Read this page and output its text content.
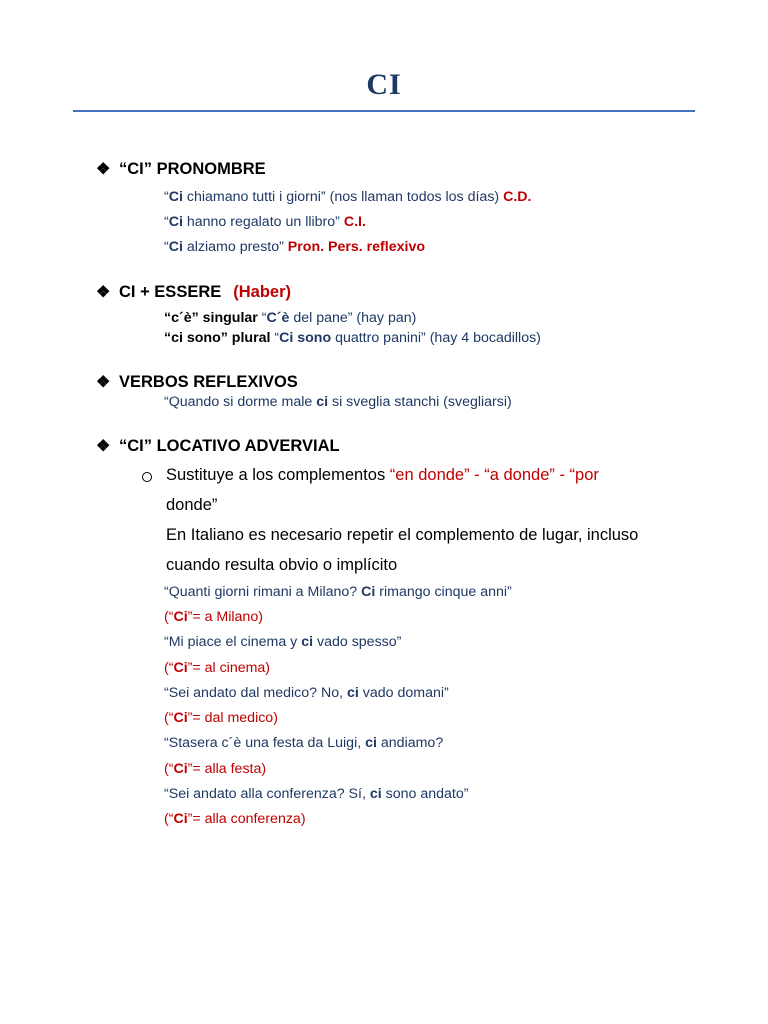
CI
❖ “CI” PRONOMBRE
“Ci chiamano tutti i giorni” (nos llaman todos los días) C.D.
“Ci hanno regalato un llibro” C.I.
“Ci alziamo presto” Pron. Pers. reflexivo
❖ CI + ESSERE (Haber)
“c´è” singular “C´è del pane” (hay pan)
“ci sono” plural “Ci sono quattro panini” (hay 4 bocadillos)
❖ VERBOS REFLEXIVOS
“Quando si dorme male ci si sveglia stanchi (svegliarsi)
❖ “CI” LOCATIVO ADVERVIAL
Sustituye a los complementos “en donde” - “a donde” - “por
donde”
En Italiano es necesario repetir el complemento de lugar, incluso
cuando resulta obvio o implícito
“Quanti giorni rimani a Milano? Ci rimango cinque anni”
(“Ci”= a Milano)
“Mi piace el cinema y ci vado spesso”
(“Ci”= al cinema)
“Sei andato dal medico? No, ci vado domani”
(“Ci”= dal medico)
“Stasera c´è una festa da Luigi, ci andiamo?
(“Ci”= alla festa)
“Sei andato alla conferenza? Sí, ci sono andato”
(“Ci”= alla conferenza)
